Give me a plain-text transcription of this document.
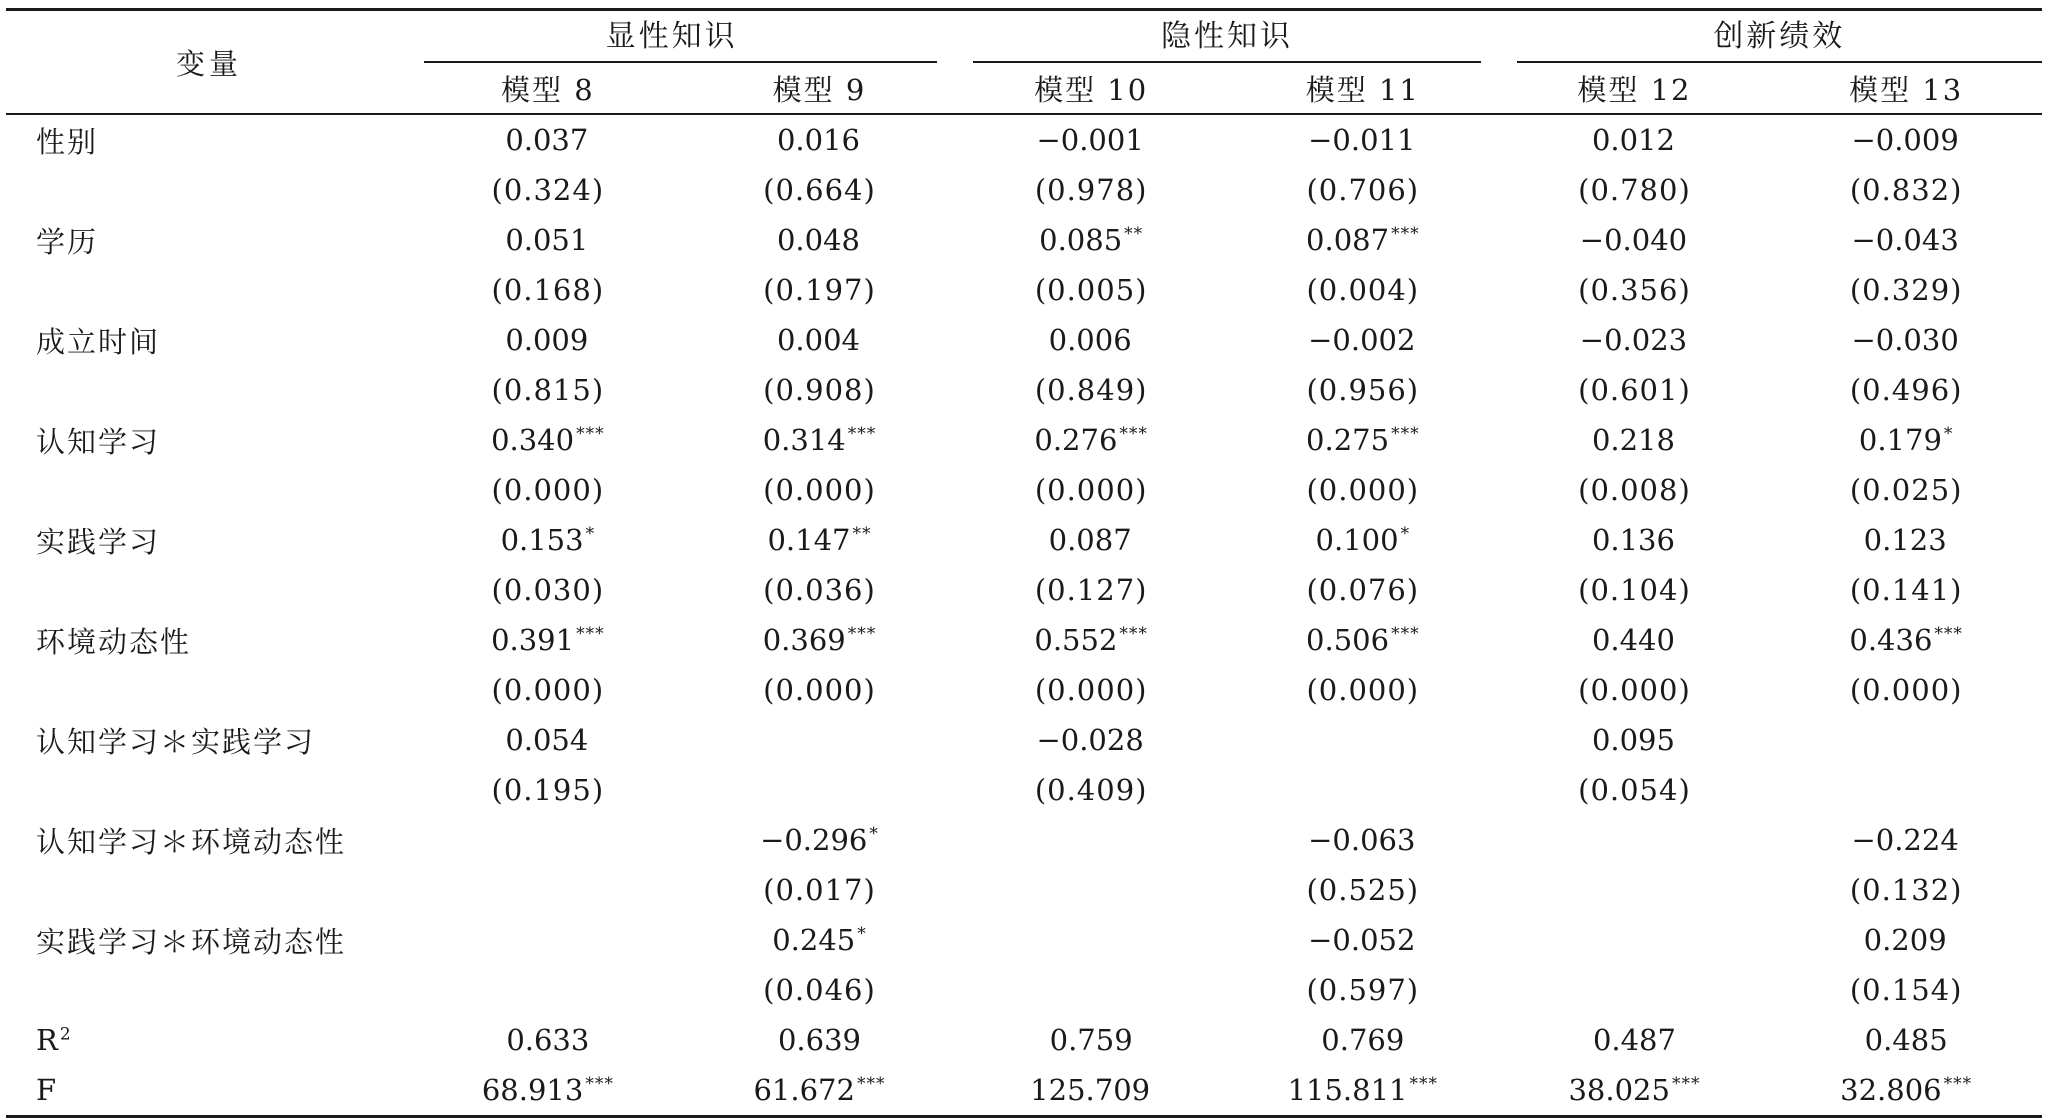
变量	显性知识		隐性知识		创新绩效	

	模型 8	模型 9	模型 10	模型 11	模型 12	模型 13
性别	0.037	0.016	−0.001	−0.011	0.012	−0.009
	(0.324)	(0.664)	(0.978)	(0.706)	(0.780)	(0.832)
学历	0.051	0.048	0.085 **	0.087 ***	−0.040	−0.043
	(0.168)	(0.197)	(0.005)	(0.004)	(0.356)	(0.329)
成立时间	0.009	0.004	0.006	−0.002	−0.023	−0.030
	(0.815)	(0.908)	(0.849)	(0.956)	(0.601)	(0.496)
认知学习	0.340 ***	0.314 ***	0.276 ***	0.275 ***	0.218	0.179 *
	(0.000)	(0.000)	(0.000)	(0.000)	(0.008)	(0.025)
实践学习	0.153 *	0.147 **	0.087	0.100 *	0.136	0.123
	(0.030)	(0.036)	(0.127)	(0.076)	(0.104)	(0.141)
环境动态性	0.391 ***	0.369 ***	0.552 ***	0.506 ***	0.440	0.436 ***
	(0.000)	(0.000)	(0.000)	(0.000)	(0.000)	(0.000)
认知学习＊实践学习	0.054		−0.028		0.095	
	(0.195)		(0.409)		(0.054)	
认知学习＊环境动态性		−0.296 *		−0.063		−0.224
		(0.017)		(0.525)		(0.132)
实践学习＊环境动态性		0.245 *		−0.052		0.209
		(0.046)		(0.597)		(0.154)
$R^2$	0.633	0.639	0.759	0.769	0.487	0.485
F	68.913 ***	61.672 ***	125.709	115.811 ***	38.025 ***	32.806 ***
